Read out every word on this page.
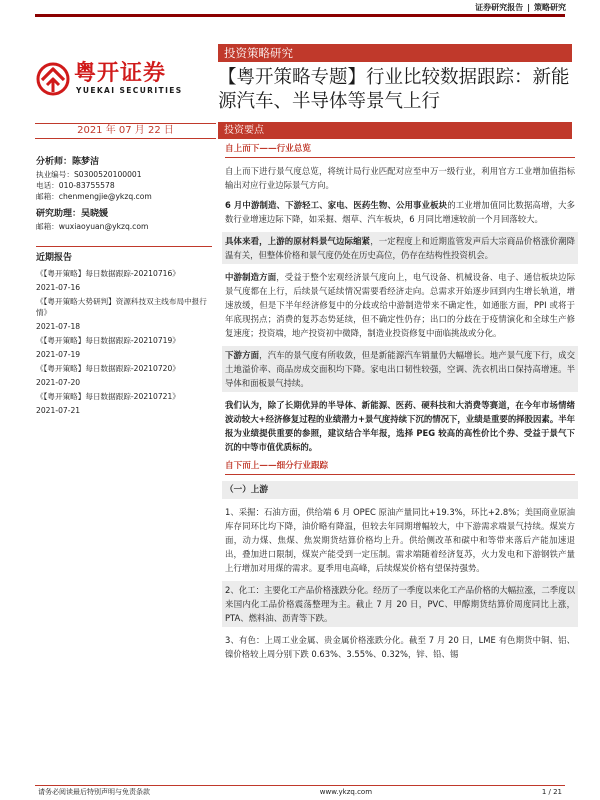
证券研究报告 | 策略研究
粤开证券
YUEKAI SECURITIES
投资策略研究
【粤开策略专题】行业比较数据跟踪：新能源汽车、半导体等景气上行
2021 年 07 月 22 日	投资要点
分析师：陈梦洁
执业编号：S0300520100001
电话：010-83755578
邮箱：chenmengjie@ykzq.com
研究助理：吴晓媛
邮箱：wuxiaoyuan@ykzq.com
近期报告
《【粤开策略】每日数据跟踪-20210716》
2021-07-16
《【粤开策略大势研判】资源科技双主线布局中报行情》
2021-07-18
《【粤开策略】每日数据跟踪-20210719》
2021-07-19
《【粤开策略】每日数据跟踪-20210720》
2021-07-20
《【粤开策略】每日数据跟踪-20210721》
2021-07-21
自上而下——行业总览
自上而下进行景气度总览，将统计局行业匹配对应至申万一级行业，利用官方工业增加值指标输出对应行业边际景气方向。
6 月中游制造、下游轻工、家电、医药生物、公用事业板块的工业增加值同比数据高增，大多数行业增速边际下降，如采掘、烟草、汽车板块，6 月同比增速较前一个月回落较大。
具体来看，上游的原材料景气边际缩紧，一定程度上和近期监管发声后大宗商品价格涨价潮降温有关，但整体价格和景气度仍处在历史高位，仍存在结构性投资机会。
中游制造方面，受益于整个宏观经济景气度向上，电气设备、机械设备、电子、通信板块边际景气度都在上行，后续景气延续情况需要看经济走向。总需求开始逐步回到内生增长轨道，增速放缓，但是下半年经济修复中的分歧或给中游制造带来不确定性，如通胀方面，PPI 或将于年底现拐点；消费的复苏态势延续，但不确定性仍存；出口的分歧在于疫情演化和全球生产修复速度；投资端，地产投资初中微降，制造业投资修复中面临挑战或分化。
下游方面，汽车的景气度有所收敛，但是新能源汽车销量仍大幅增长。地产景气度下行，成交土地溢价率、商品房成交面积均下降。家电出口韧性较强，空调、洗衣机出口保持高增速。半导体和面板景气持续。
我们认为，除了长期优异的半导体、新能源、医药、硬科技和大消费等赛道，在今年市场情绪波动较大+经济修复过程的业绩潜力+景气度持续下沉的情况下，业绩是重要的择股因素。半年报为业绩提供重要的参照，建议结合半年报，选择 PEG 较高的高性价比个券、受益于景气下沉的中等市值优质标的。
自下而上——细分行业跟踪
（一）上游
1、采掘：石油方面，供给端 6 月 OPEC 原油产量同比+19.3%，环比+2.8%；美国商业原油库存同环比均下降，油价略有降温，但较去年同期增幅较大，中下游需求端景气持续。煤炭方面，动力煤、焦煤、焦炭期货结算价格均上升。供给侧改革和碳中和等带来落后产能加速退出，叠加进口限制，煤炭产能受到一定压制。需求端随着经济复苏，火力发电和下游钢铁产量上行增加对用煤的需求。夏季用电高峰，后续煤炭价格有望保持强势。
2、化工：主要化工产品价格涨跌分化。经历了一季度以来化工产品价格的大幅拉涨，二季度以来国内化工品价格震荡整理为主。截止 7 月 20 日，PVC、甲醇期货结算价周度同比上涨，PTA、燃料油、沥青等下跌。
3、有色：上周工业金属、贵金属价格涨跌分化。截至 7 月 20 日，LME 有色期货中铜、铝、镍价格较上周分别下跌 0.63%、3.55%、0.32%，锌、铅、锡
请务必阅读最后特别声明与免责条款	www.ykzq.com	1 / 21
